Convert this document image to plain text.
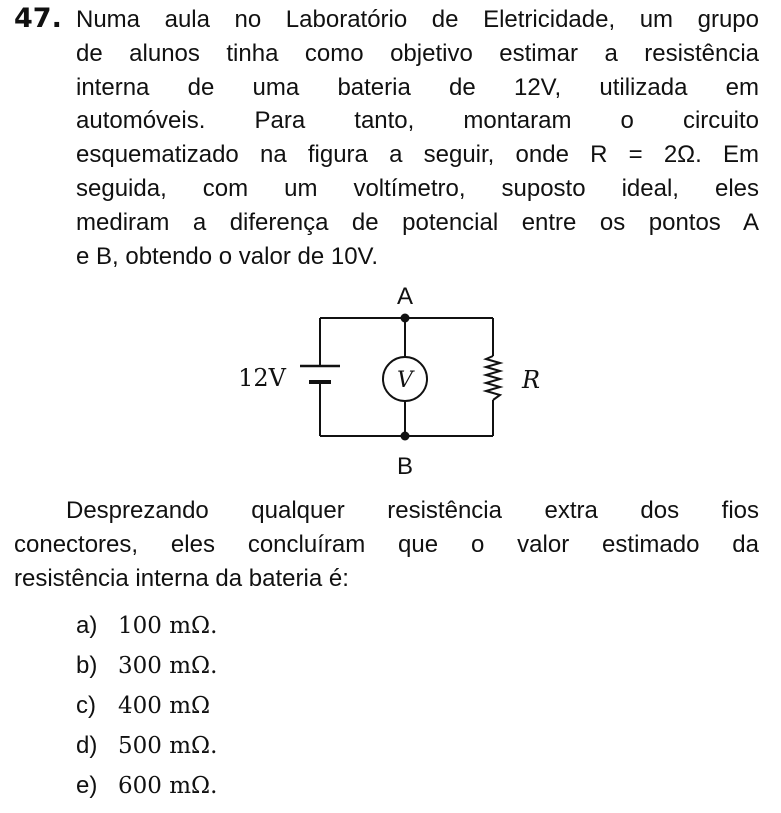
47. Numa aula no Laboratório de Eletricidade, um grupo
de alunos tinha como objetivo estimar a resistência
interna de uma bateria de 12V, utilizada em
automóveis. Para tanto, montaram o circuito
esquematizado na figura a seguir, onde R = 2Ω. Em
seguida, com um voltímetro, suposto ideal, eles
mediram a diferença de potencial entre os pontos A
e B, obtendo o valor de 10V.
A
B
12V	V	R
Desprezando qualquer resistência extra dos fios
conectores, eles concluíram que o valor estimado da
resistência interna da bateria é:
a) 100 mΩ.
b) 300 mΩ.
c) 400 mΩ
d) 500 mΩ.
e) 600 mΩ.
